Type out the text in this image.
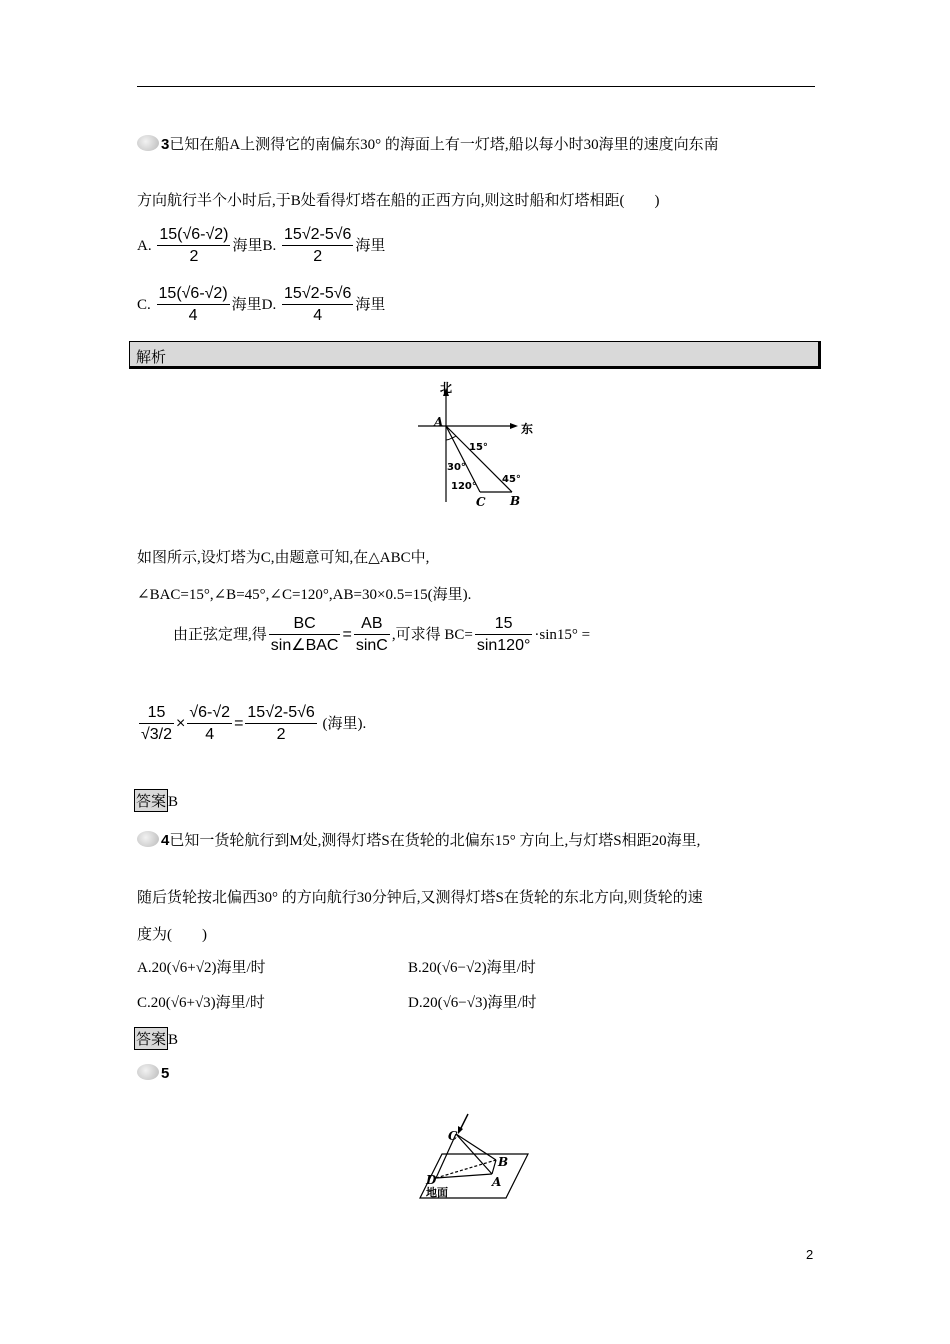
3已知在船A上测得它的南偏东30° 的海面上有一灯塔,船以每小时30海里的速度向东南
方向航行半个小时后,于B处看得灯塔在船的正西方向,则这时船和灯塔相距(　　)
A. $\frac{15(√6-√2)}{2}$ 海里B. $\frac{15√2-5√6}{2}$ 海里
C. $\frac{15(√6-√2)}{4}$ 海里D. $\frac{15√2-5√6}{4}$ 海里
解析
北
东
A
B
C
15°
30°
120°
45°
如图所示,设灯塔为C,由题意可知,在△ABC中,
∠BAC=15°,∠B=45°,∠C=120°,AB=30×0.5=15(海里).
由正弦定理,得 $\frac{BC}{\text{sin∠BAC}} = \frac{AB}{\sin C}$ ,可求得 $BC= \frac{15}{\sin 120^\circ} \cdot\sin 15^\circ$ =
$\frac{15}{√3/2} \times \frac{√6-√2}{4} = \frac{15√2-5√6}{2}$ (海里).
答案 B
4已知一货轮航行到M处,测得灯塔S在货轮的北偏东15° 方向上,与灯塔S相距20海里,
随后货轮按北偏西30° 的方向航行30分钟后,又测得灯塔S在货轮的东北方向,则货轮的速
度为(　　)
A.20(√6+√2)海里/时	B.20(√6−√2)海里/时
C.20(√6+√3)海里/时	D.20(√6−√3)海里/时
答案 B
5
C
B
D	A
地面
2
